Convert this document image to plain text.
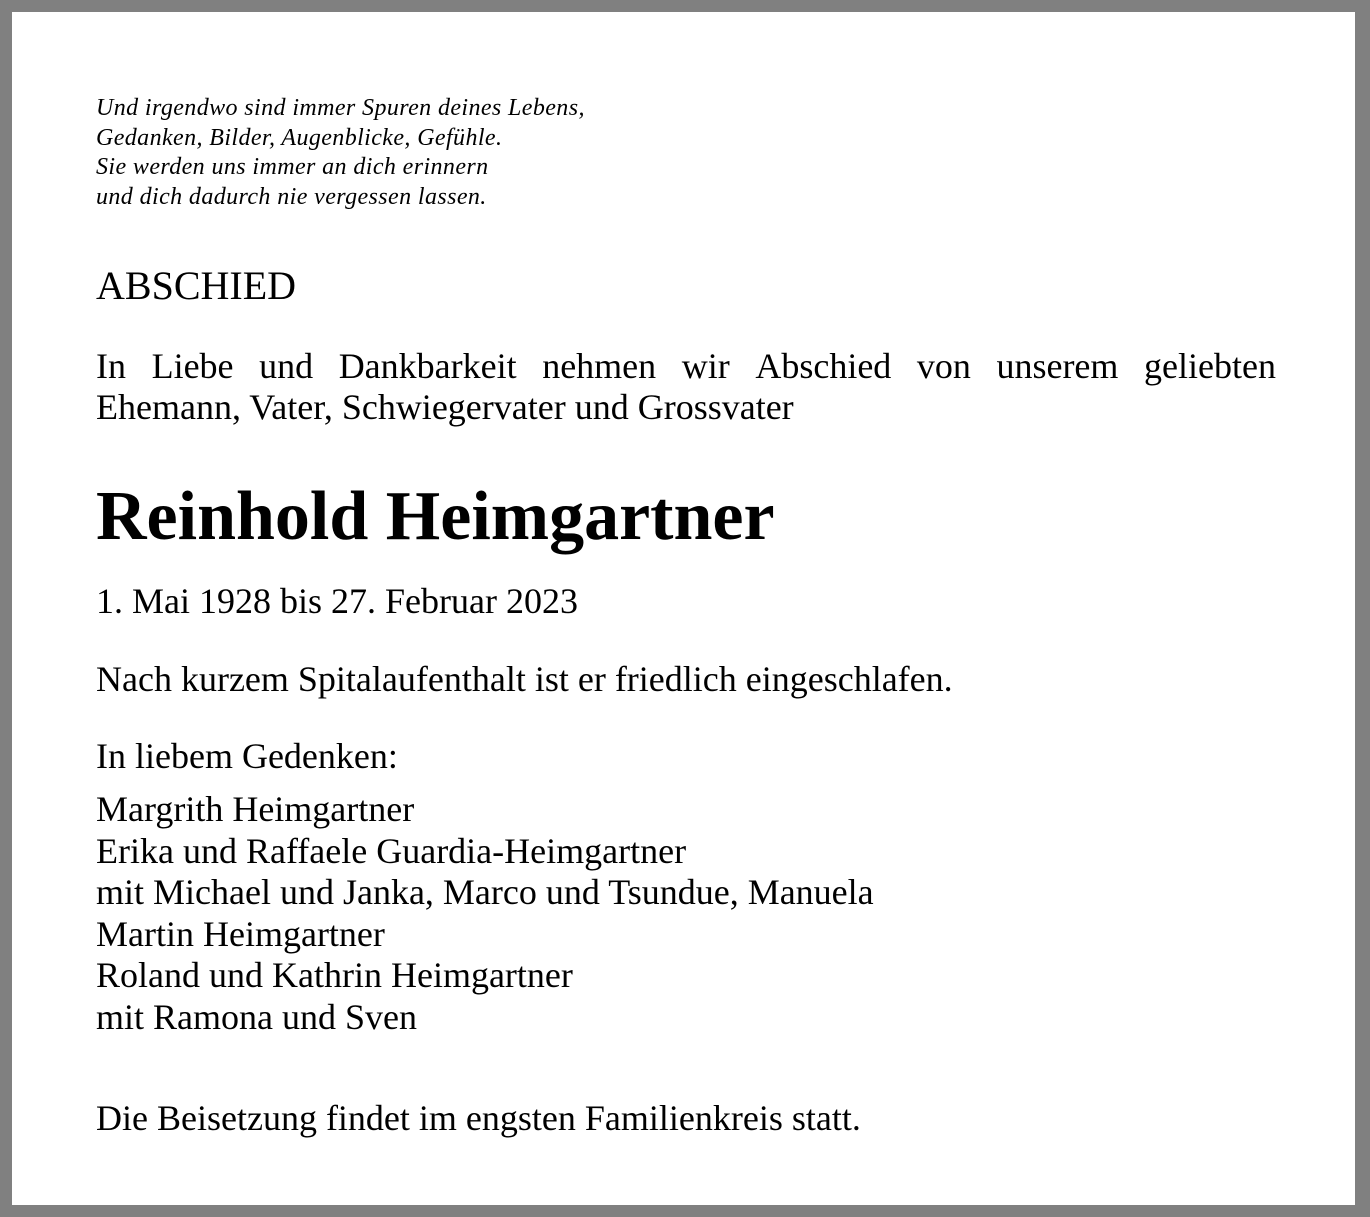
Und irgendwo sind immer Spuren deines Lebens,
Gedanken, Bilder, Augenblicke, Gefühle.
Sie werden uns immer an dich erinnern
und dich dadurch nie vergessen lassen.
ABSCHIED
In Liebe und Dankbarkeit nehmen wir Abschied von unserem geliebten
Ehemann, Vater, Schwiegervater und Grossvater
Reinhold Heimgartner
1. Mai 1928 bis 27. Februar 2023
Nach kurzem Spitalaufenthalt ist er friedlich eingeschlafen.
In liebem Gedenken:
Margrith Heimgartner
Erika und Raffaele Guardia-Heimgartner
mit Michael und Janka, Marco und Tsundue, Manuela
Martin Heimgartner
Roland und Kathrin Heimgartner
mit Ramona und Sven
Die Beisetzung findet im engsten Familienkreis statt.
